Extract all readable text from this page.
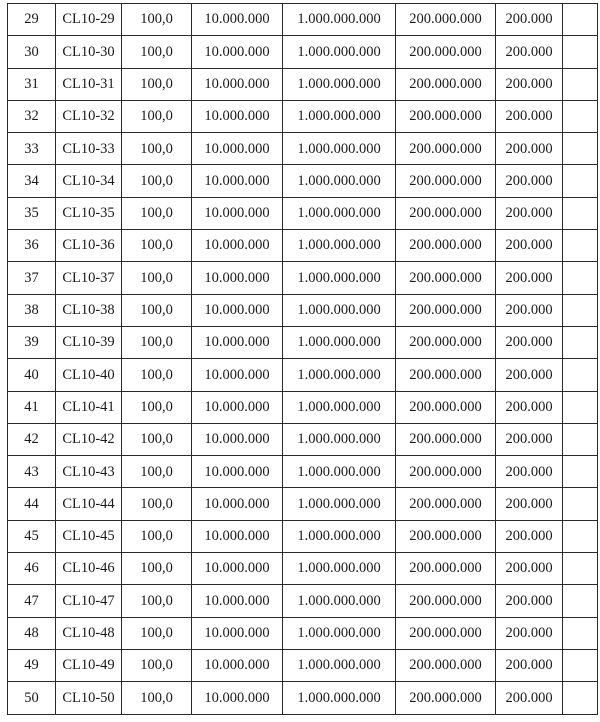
29	CL10-29	100,0	10.000.000	1.000.000.000	200.000.000	200.000	
30	CL10-30	100,0	10.000.000	1.000.000.000	200.000.000	200.000	
31	CL10-31	100,0	10.000.000	1.000.000.000	200.000.000	200.000	
32	CL10-32	100,0	10.000.000	1.000.000.000	200.000.000	200.000	
33	CL10-33	100,0	10.000.000	1.000.000.000	200.000.000	200.000	
34	CL10-34	100,0	10.000.000	1.000.000.000	200.000.000	200.000	
35	CL10-35	100,0	10.000.000	1.000.000.000	200.000.000	200.000	
36	CL10-36	100,0	10.000.000	1.000.000.000	200.000.000	200.000	
37	CL10-37	100,0	10.000.000	1.000.000.000	200.000.000	200.000	
38	CL10-38	100,0	10.000.000	1.000.000.000	200.000.000	200.000	
39	CL10-39	100,0	10.000.000	1.000.000.000	200.000.000	200.000	
40	CL10-40	100,0	10.000.000	1.000.000.000	200.000.000	200.000	
41	CL10-41	100,0	10.000.000	1.000.000.000	200.000.000	200.000	
42	CL10-42	100,0	10.000.000	1.000.000.000	200.000.000	200.000	
43	CL10-43	100,0	10.000.000	1.000.000.000	200.000.000	200.000	
44	CL10-44	100,0	10.000.000	1.000.000.000	200.000.000	200.000	
45	CL10-45	100,0	10.000.000	1.000.000.000	200.000.000	200.000	
46	CL10-46	100,0	10.000.000	1.000.000.000	200.000.000	200.000	
47	CL10-47	100,0	10.000.000	1.000.000.000	200.000.000	200.000	
48	CL10-48	100,0	10.000.000	1.000.000.000	200.000.000	200.000	
49	CL10-49	100,0	10.000.000	1.000.000.000	200.000.000	200.000	
50	CL10-50	100,0	10.000.000	1.000.000.000	200.000.000	200.000	
